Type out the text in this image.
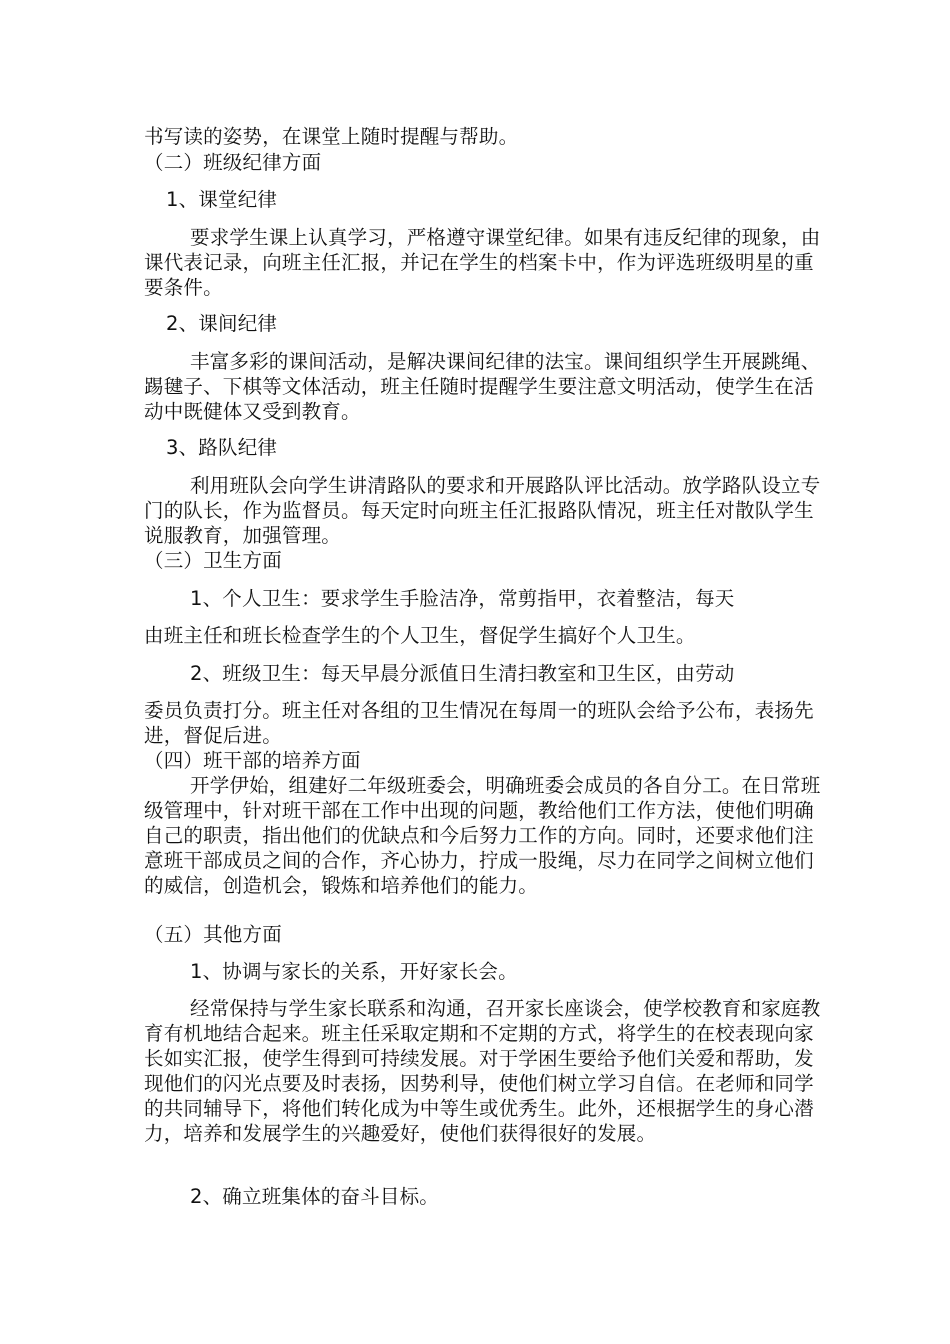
书写读的姿势，在课堂上随时提醒与帮助。

（二）班级纪律方面

1、课堂纪律

要求学生课上认真学习，严格遵守课堂纪律。如果有违反纪律的现象，由课代表记录，向班主任汇报，并记在学生的档案卡中，作为评选班级明星的重要条件。

2、课间纪律

丰富多彩的课间活动，是解决课间纪律的法宝。课间组织学生开展跳绳、踢毽子、下棋等文体活动，班主任随时提醒学生要注意文明活动，使学生在活动中既健体又受到教育。

3、路队纪律

利用班队会向学生讲清路队的要求和开展路队评比活动。放学路队设立专门的队长，作为监督员。每天定时向班主任汇报路队情况，班主任对散队学生说服教育，加强管理。

（三）卫生方面

1、个人卫生：要求学生手脸洁净，常剪指甲，衣着整洁，每天

由班主任和班长检查学生的个人卫生，督促学生搞好个人卫生。

2、班级卫生：每天早晨分派值日生清扫教室和卫生区，由劳动

委员负责打分。班主任对各组的卫生情况在每周一的班队会给予公布，表扬先进，督促后进。

（四）班干部的培养方面

开学伊始，组建好二年级班委会，明确班委会成员的各自分工。在日常班级管理中，针对班干部在工作中出现的问题，教给他们工作方法，使他们明确自己的职责，指出他们的优缺点和今后努力工作的方向。同时，还要求他们注意班干部成员之间的合作，齐心协力，拧成一股绳，尽力在同学之间树立他们的威信，创造机会，锻炼和培养他们的能力。

（五）其他方面

1、协调与家长的关系，开好家长会。

经常保持与学生家长联系和沟通，召开家长座谈会，使学校教育和家庭教育有机地结合起来。班主任采取定期和不定期的方式，将学生的在校表现向家长如实汇报，使学生得到可持续发展。对于学困生要给予他们关爱和帮助，发现他们的闪光点要及时表扬，因势利导，使他们树立学习自信。在老师和同学的共同辅导下，将他们转化成为中等生或优秀生。此外，还根据学生的身心潜力，培养和发展学生的兴趣爱好，使他们获得很好的发展。

2、确立班集体的奋斗目标。
